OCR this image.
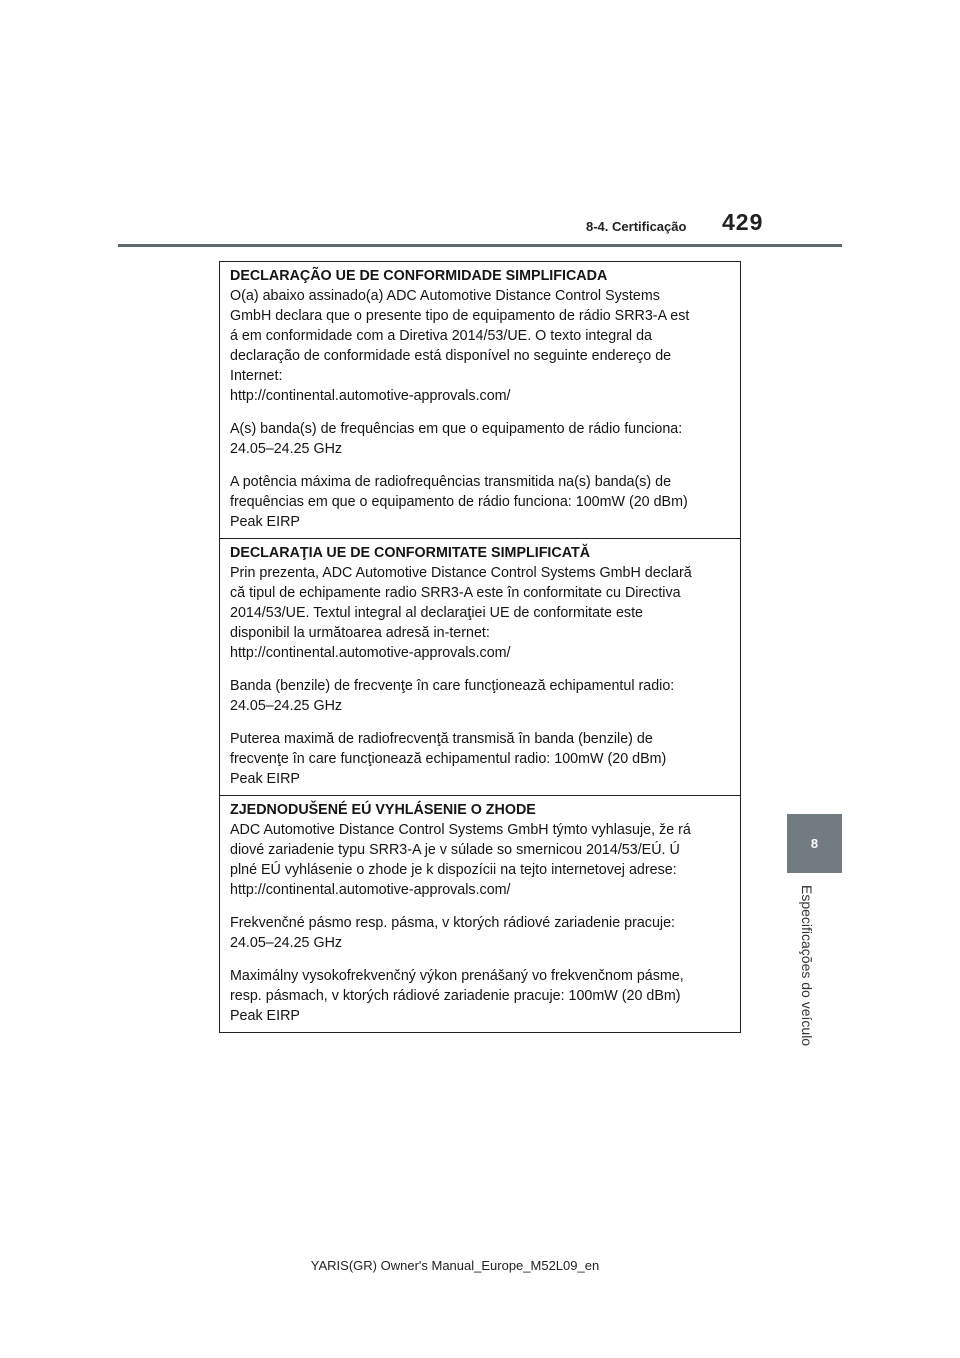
8-4. Certificação 429
8
Especificações do veículo
DECLARAÇÃO UE DE CONFORMIDADE SIMPLIFICADA
O(a) abaixo assinado(a) ADC Automotive Distance Control Systems
GmbH declara que o presente tipo de equipamento de rádio SRR3-A est
á em conformidade com a Diretiva 2014/53/UE. O texto integral da
declaração de conformidade está disponível no seguinte endereço de
Internet:
http://continental.automotive-approvals.com/
A(s) banda(s) de frequências em que o equipamento de rádio funciona:
24.05–24.25 GHz
A potência máxima de radiofrequências transmitida na(s) banda(s) de
frequências em que o equipamento de rádio funciona: 100mW (20 dBm)
Peak EIRP
DECLARAŢIA UE DE CONFORMITATE SIMPLIFICATĂ
Prin prezenta, ADC Automotive Distance Control Systems GmbH declară
că tipul de echipamente radio SRR3-A este în conformitate cu Directiva
2014/53/UE. Textul integral al declaraţiei UE de conformitate este
disponibil la următoarea adresă in-ternet:
http://continental.automotive-approvals.com/
Banda (benzile) de frecvenţe în care funcţionează echipamentul radio:
24.05–24.25 GHz
Puterea maximă de radiofrecvenţă transmisă în banda (benzile) de
frecvenţe în care funcţionează echipamentul radio: 100mW (20 dBm)
Peak EIRP
ZJEDNODUŠENÉ EÚ VYHLÁSENIE O ZHODE
ADC Automotive Distance Control Systems GmbH týmto vyhlasuje, že rá
diové zariadenie typu SRR3-A je v súlade so smernicou 2014/53/EÚ. Ú
plné EÚ vyhlásenie o zhode je k dispozícii na tejto internetovej adrese:
http://continental.automotive-approvals.com/
Frekvenčné pásmo resp. pásma, v ktorých rádiové zariadenie pracuje:
24.05–24.25 GHz
Maximálny vysokofrekvenčný výkon prenášaný vo frekvenčnom pásme,
resp. pásmach, v ktorých rádiové zariadenie pracuje: 100mW (20 dBm)
Peak EIRP
YARIS(GR) Owner's Manual_Europe_M52L09_en
